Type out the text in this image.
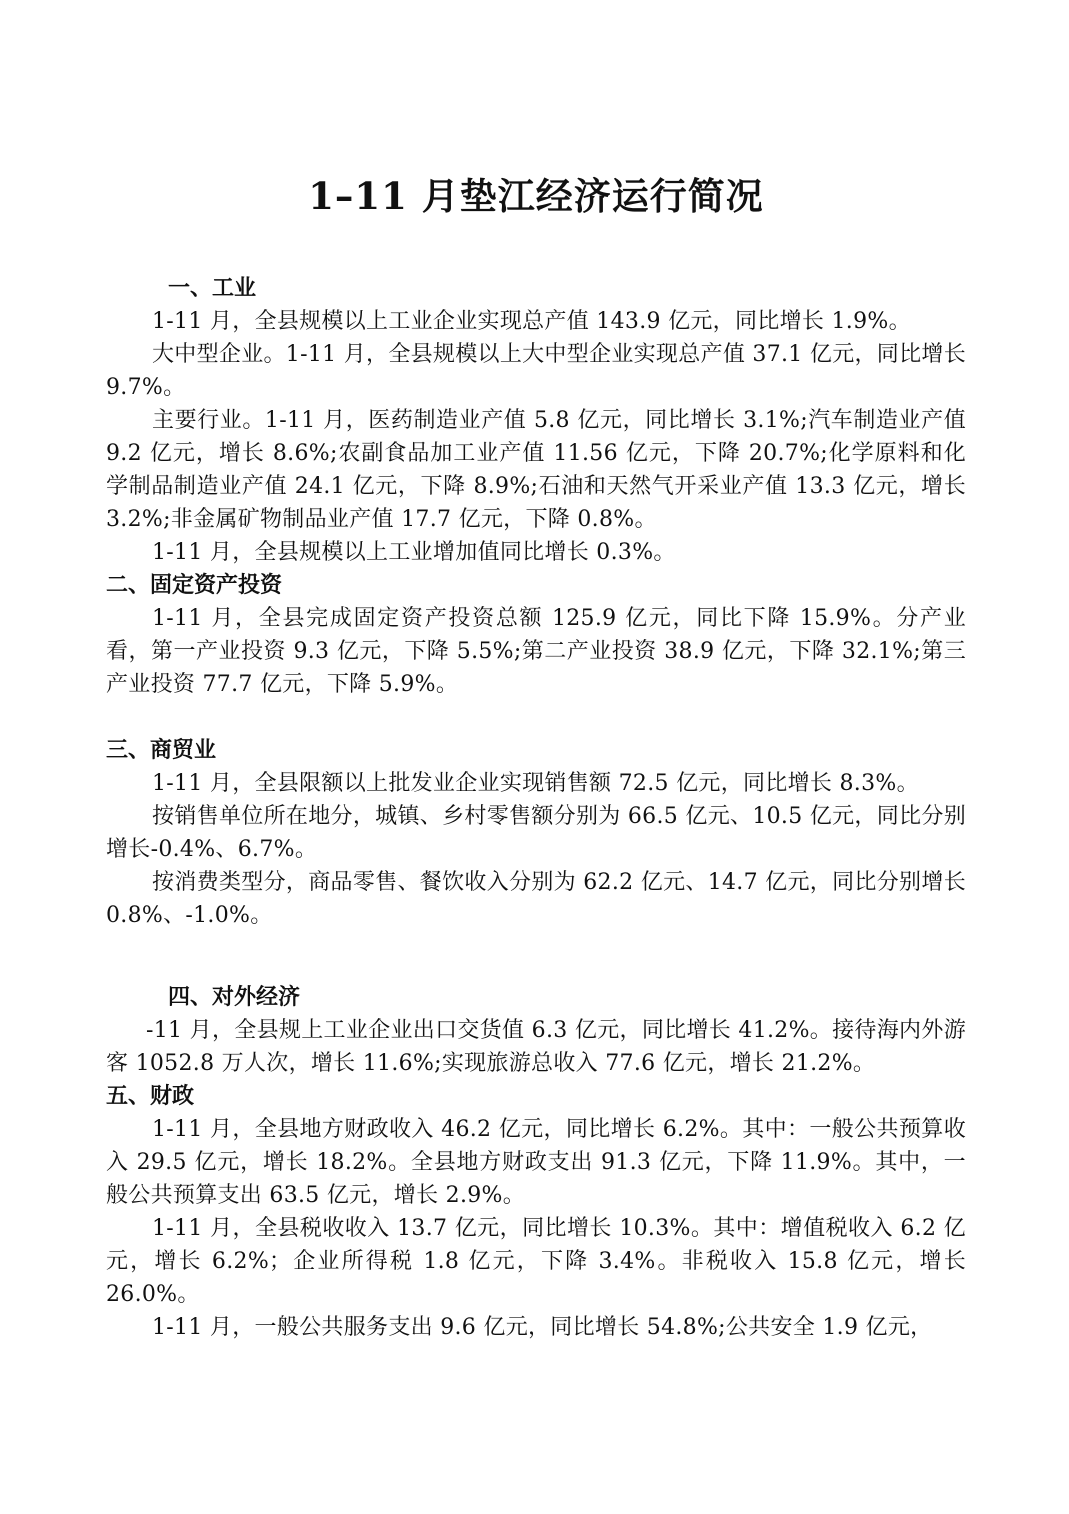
1–11 月垫江经济运行简况
一、工业

1-11 月，全县规模以上工业企业实现总产值 143.9 亿元，同比增长 1.9%。

大中型企业。1-11 月，全县规模以上大中型企业实现总产值 37.1 亿元，同比增长 9.7%。

主要行业。1-11 月，医药制造业产值 5.8 亿元，同比增长 3.1%;汽车制造业产值 9.2 亿元，增长 8.6%;农副食品加工业产值 11.56 亿元，下降 20.7%;化学原料和化学制品制造业产值 24.1 亿元，下降 8.9%;石油和天然气开采业产值 13.3 亿元，增长 3.2%;非金属矿物制品业产值 17.7 亿元，下降 0.8%。

1-11 月，全县规模以上工业增加值同比增长 0.3%。

二、固定资产投资

1-11 月，全县完成固定资产投资总额 125.9 亿元，同比下降 15.9%。分产业看，第一产业投资 9.3 亿元，下降 5.5%;第二产业投资 38.9 亿元，下降 32.1%;第三产业投资 77.7 亿元，下降 5.9%。

三、商贸业

1-11 月，全县限额以上批发业企业实现销售额 72.5 亿元，同比增长 8.3%。

按销售单位所在地分，城镇、乡村零售额分别为 66.5 亿元、10.5 亿元，同比分别增长-0.4%、6.7%。

按消费类型分，商品零售、餐饮收入分别为 62.2 亿元、14.7 亿元，同比分别增长 0.8%、-1.0%。

四、对外经济

-11 月，全县规上工业企业出口交货值 6.3 亿元，同比增长 41.2%。接待海内外游客 1052.8 万人次，增长 11.6%;实现旅游总收入 77.6 亿元，增长 21.2%。

五、财政

1-11 月，全县地方财政收入 46.2 亿元，同比增长 6.2%。其中：一般公共预算收入 29.5 亿元，增长 18.2%。全县地方财政支出 91.3 亿元，下降 11.9%。其中，一般公共预算支出 63.5 亿元，增长 2.9%。

1-11 月，全县税收收入 13.7 亿元，同比增长 10.3%。其中：增值税收入 6.2 亿元，增长 6.2%；企业所得税 1.8 亿元，下降 3.4%。非税收入 15.8 亿元，增长 26.0%。

1-11 月，一般公共服务支出 9.6 亿元，同比增长 54.8%;公共安全 1.9 亿元，
